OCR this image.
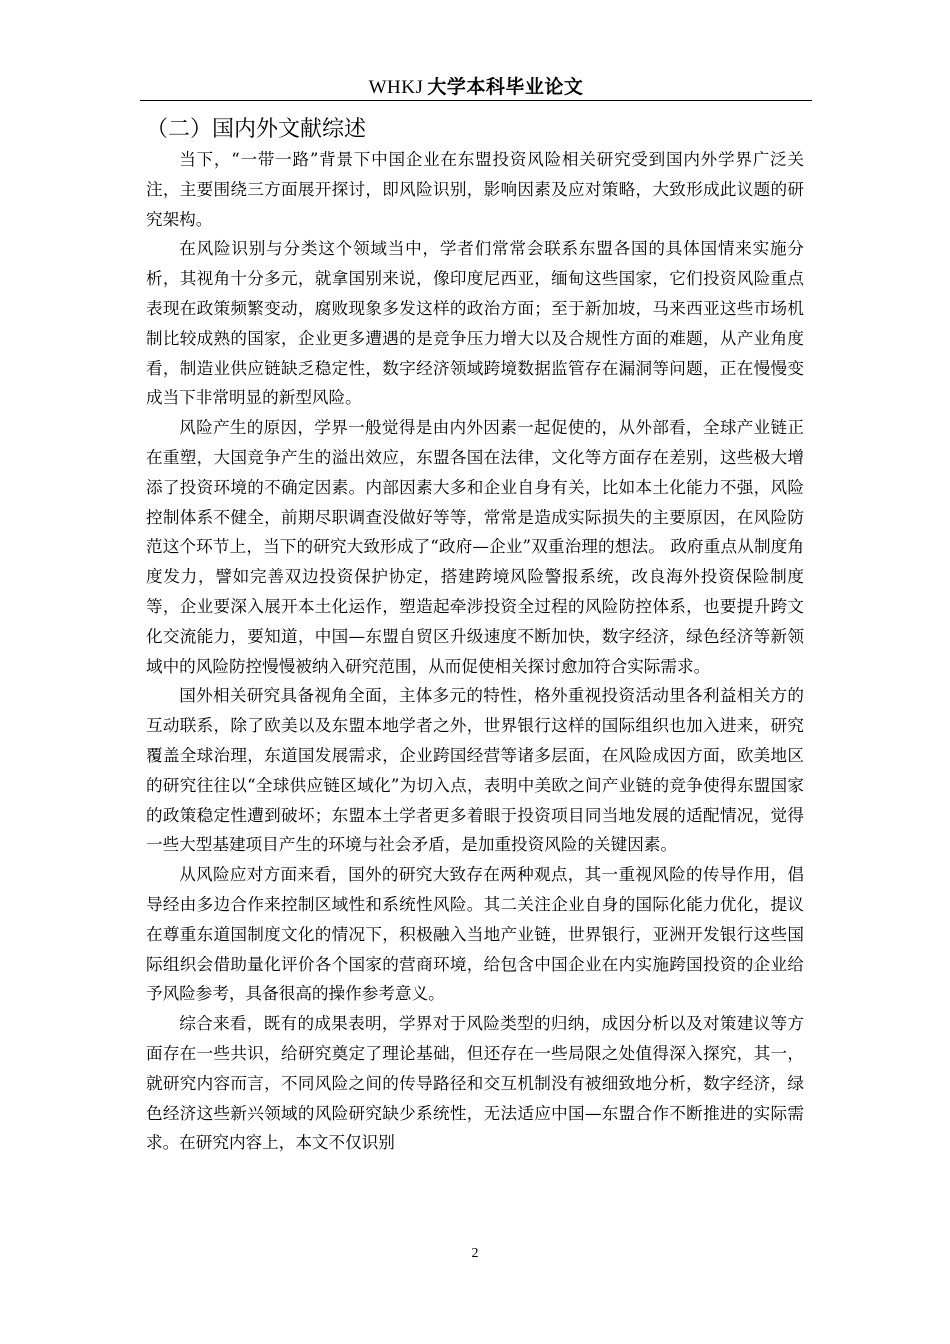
WHKJ 大学本科毕业论文
（二）国内外文献综述

当下，“一带一路”背景下中国企业在东盟投资风险相关研究受到国内外学界广泛关注，主要围绕三方面展开探讨，即风险识别，影响因素及应对策略，大致形成此议题的研究架构。

在风险识别与分类这个领域当中，学者们常常会联系东盟各国的具体国情来实施分析，其视角十分多元，就拿国别来说，像印度尼西亚，缅甸这些国家，它们投资风险重点表现在政策频繁变动，腐败现象多发这样的政治方面；至于新加坡，马来西亚这些市场机制比较成熟的国家，企业更多遭遇的是竞争压力增大以及合规性方面的难题，从产业角度看，制造业供应链缺乏稳定性，数字经济领域跨境数据监管存在漏洞等问题，正在慢慢变成当下非常明显的新型风险。

风险产生的原因，学界一般觉得是由内外因素一起促使的，从外部看，全球产业链正在重塑，大国竞争产生的溢出效应，东盟各国在法律，文化等方面存在差别，这些极大增添了投资环境的不确定因素。内部因素大多和企业自身有关，比如本土化能力不强，风险控制体系不健全，前期尽职调查没做好等等，常常是造成实际损失的主要原因，在风险防范这个环节上，当下的研究大致形成了“政府—企业”双重治理的想法。 政府重点从制度角度发力，譬如完善双边投资保护协定，搭建跨境风险警报系统，改良海外投资保险制度等，企业要深入展开本土化运作，塑造起牵涉投资全过程的风险防控体系，也要提升跨文化交流能力，要知道，中国—东盟自贸区升级速度不断加快，数字经济，绿色经济等新领域中的风险防控慢慢被纳入研究范围，从而促使相关探讨愈加符合实际需求。

国外相关研究具备视角全面，主体多元的特性，格外重视投资活动里各利益相关方的互动联系，除了欧美以及东盟本地学者之外，世界银行这样的国际组织也加入进来，研究覆盖全球治理，东道国发展需求，企业跨国经营等诸多层面，在风险成因方面，欧美地区的研究往往以“全球供应链区域化”为切入点，表明中美欧之间产业链的竞争使得东盟国家的政策稳定性遭到破坏；东盟本土学者更多着眼于投资项目同当地发展的适配情况，觉得一些大型基建项目产生的环境与社会矛盾，是加重投资风险的关键因素。

从风险应对方面来看，国外的研究大致存在两种观点，其一重视风险的传导作用，倡导经由多边合作来控制区域性和系统性风险。其二关注企业自身的国际化能力优化，提议在尊重东道国制度文化的情况下，积极融入当地产业链，世界银行，亚洲开发银行这些国际组织会借助量化评价各个国家的营商环境，给包含中国企业在内实施跨国投资的企业给予风险参考，具备很高的操作参考意义。

综合来看，既有的成果表明，学界对于风险类型的归纳，成因分析以及对策建议等方面存在一些共识，给研究奠定了理论基础，但还存在一些局限之处值得深入探究，其一，就研究内容而言，不同风险之间的传导路径和交互机制没有被细致地分析，数字经济，绿色经济这些新兴领域的风险研究缺少系统性，无法适应中国—东盟合作不断推进的实际需求。在研究内容上，本文不仅识别

2
